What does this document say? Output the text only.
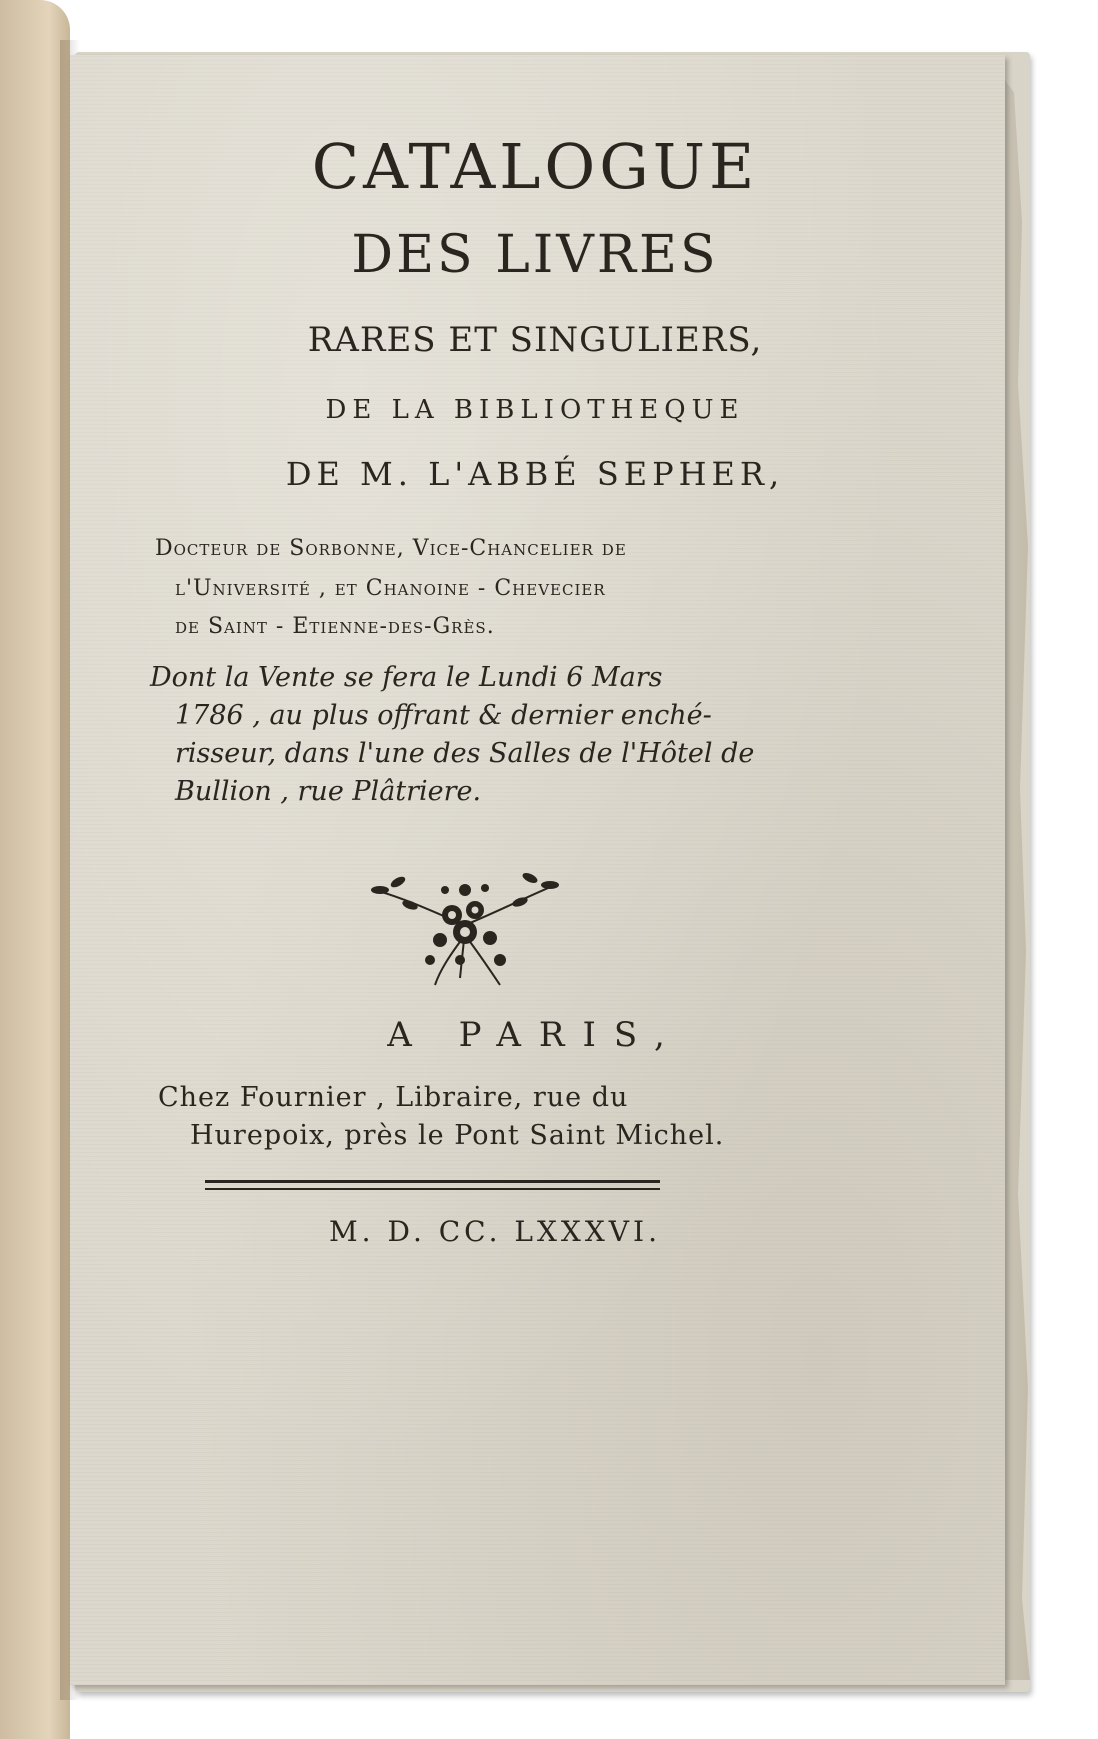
CATALOGUE
DES LIVRES
RARES ET SINGULIERS,
DE LA BIBLIOTHEQUE
DE M. L'ABBÉ SEPHER,
Docteur de Sorbonne, Vice-Chancelier de
l'Université , et Chanoine - Chevecier
de Saint - Etienne-des-Grès.
Dont la Vente se fera le Lundi 6 Mars
1786 , au plus offrant & dernier enché-
risseur, dans l'une des Salles de l'Hôtel de
Bullion , rue Plâtriere.
A PARIS,
Chez Fournier , Libraire, rue du
Hurepoix, près le Pont Saint Michel.
M. D. CC. LXXXVI.
